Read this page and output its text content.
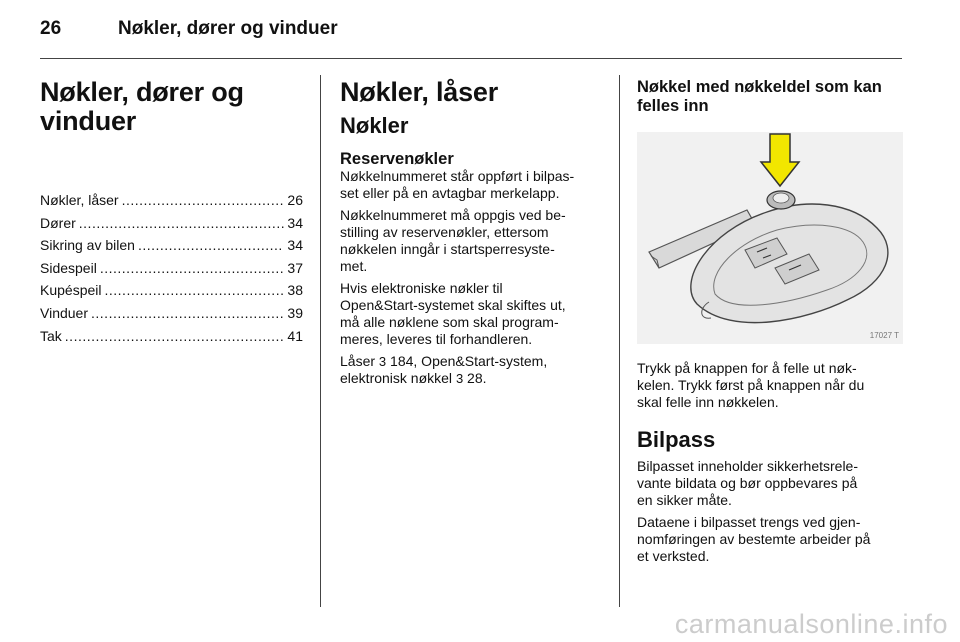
26	Nøkler, dører og vinduer
Nøkler, dører og
vinduer
Nøkler, låser .....	26
Dører .....	34
Sikring av bilen .....	34
Sidespeil .....	37
Kupéspeil .....	38
Vinduer .....	39
Tak .....	41
Nøkler, låser
Nøkler
Reservenøkler

Nøkkelnummeret står oppført i bilpas-
set eller på en avtagbar merkelapp.

Nøkkelnummeret må oppgis ved be-
stilling av reservenøkler, ettersom
nøkkelen inngår i startsperresyste-
met.

Hvis elektroniske nøkler til
Open&Start-systemet skal skiftes ut,
må alle nøklene som skal program-
meres, leveres til forhandleren.

Låser 3 184, Open&Start-system,
elektronisk nøkkel 3 28.

Nøkkel med nøkkeldel som kan
felles inn
17027 T

Trykk på knappen for å felle ut nøk-
kelen. Trykk først på knappen når du
skal felle inn nøkkelen.

Bilpass

Bilpasset inneholder sikkerhetsrele-
vante bildata og bør oppbevares på
en sikker måte.

Dataene i bilpasset trengs ved gjen-
nomføringen av bestemte arbeider på
et verksted.

carmanualsonline.info
